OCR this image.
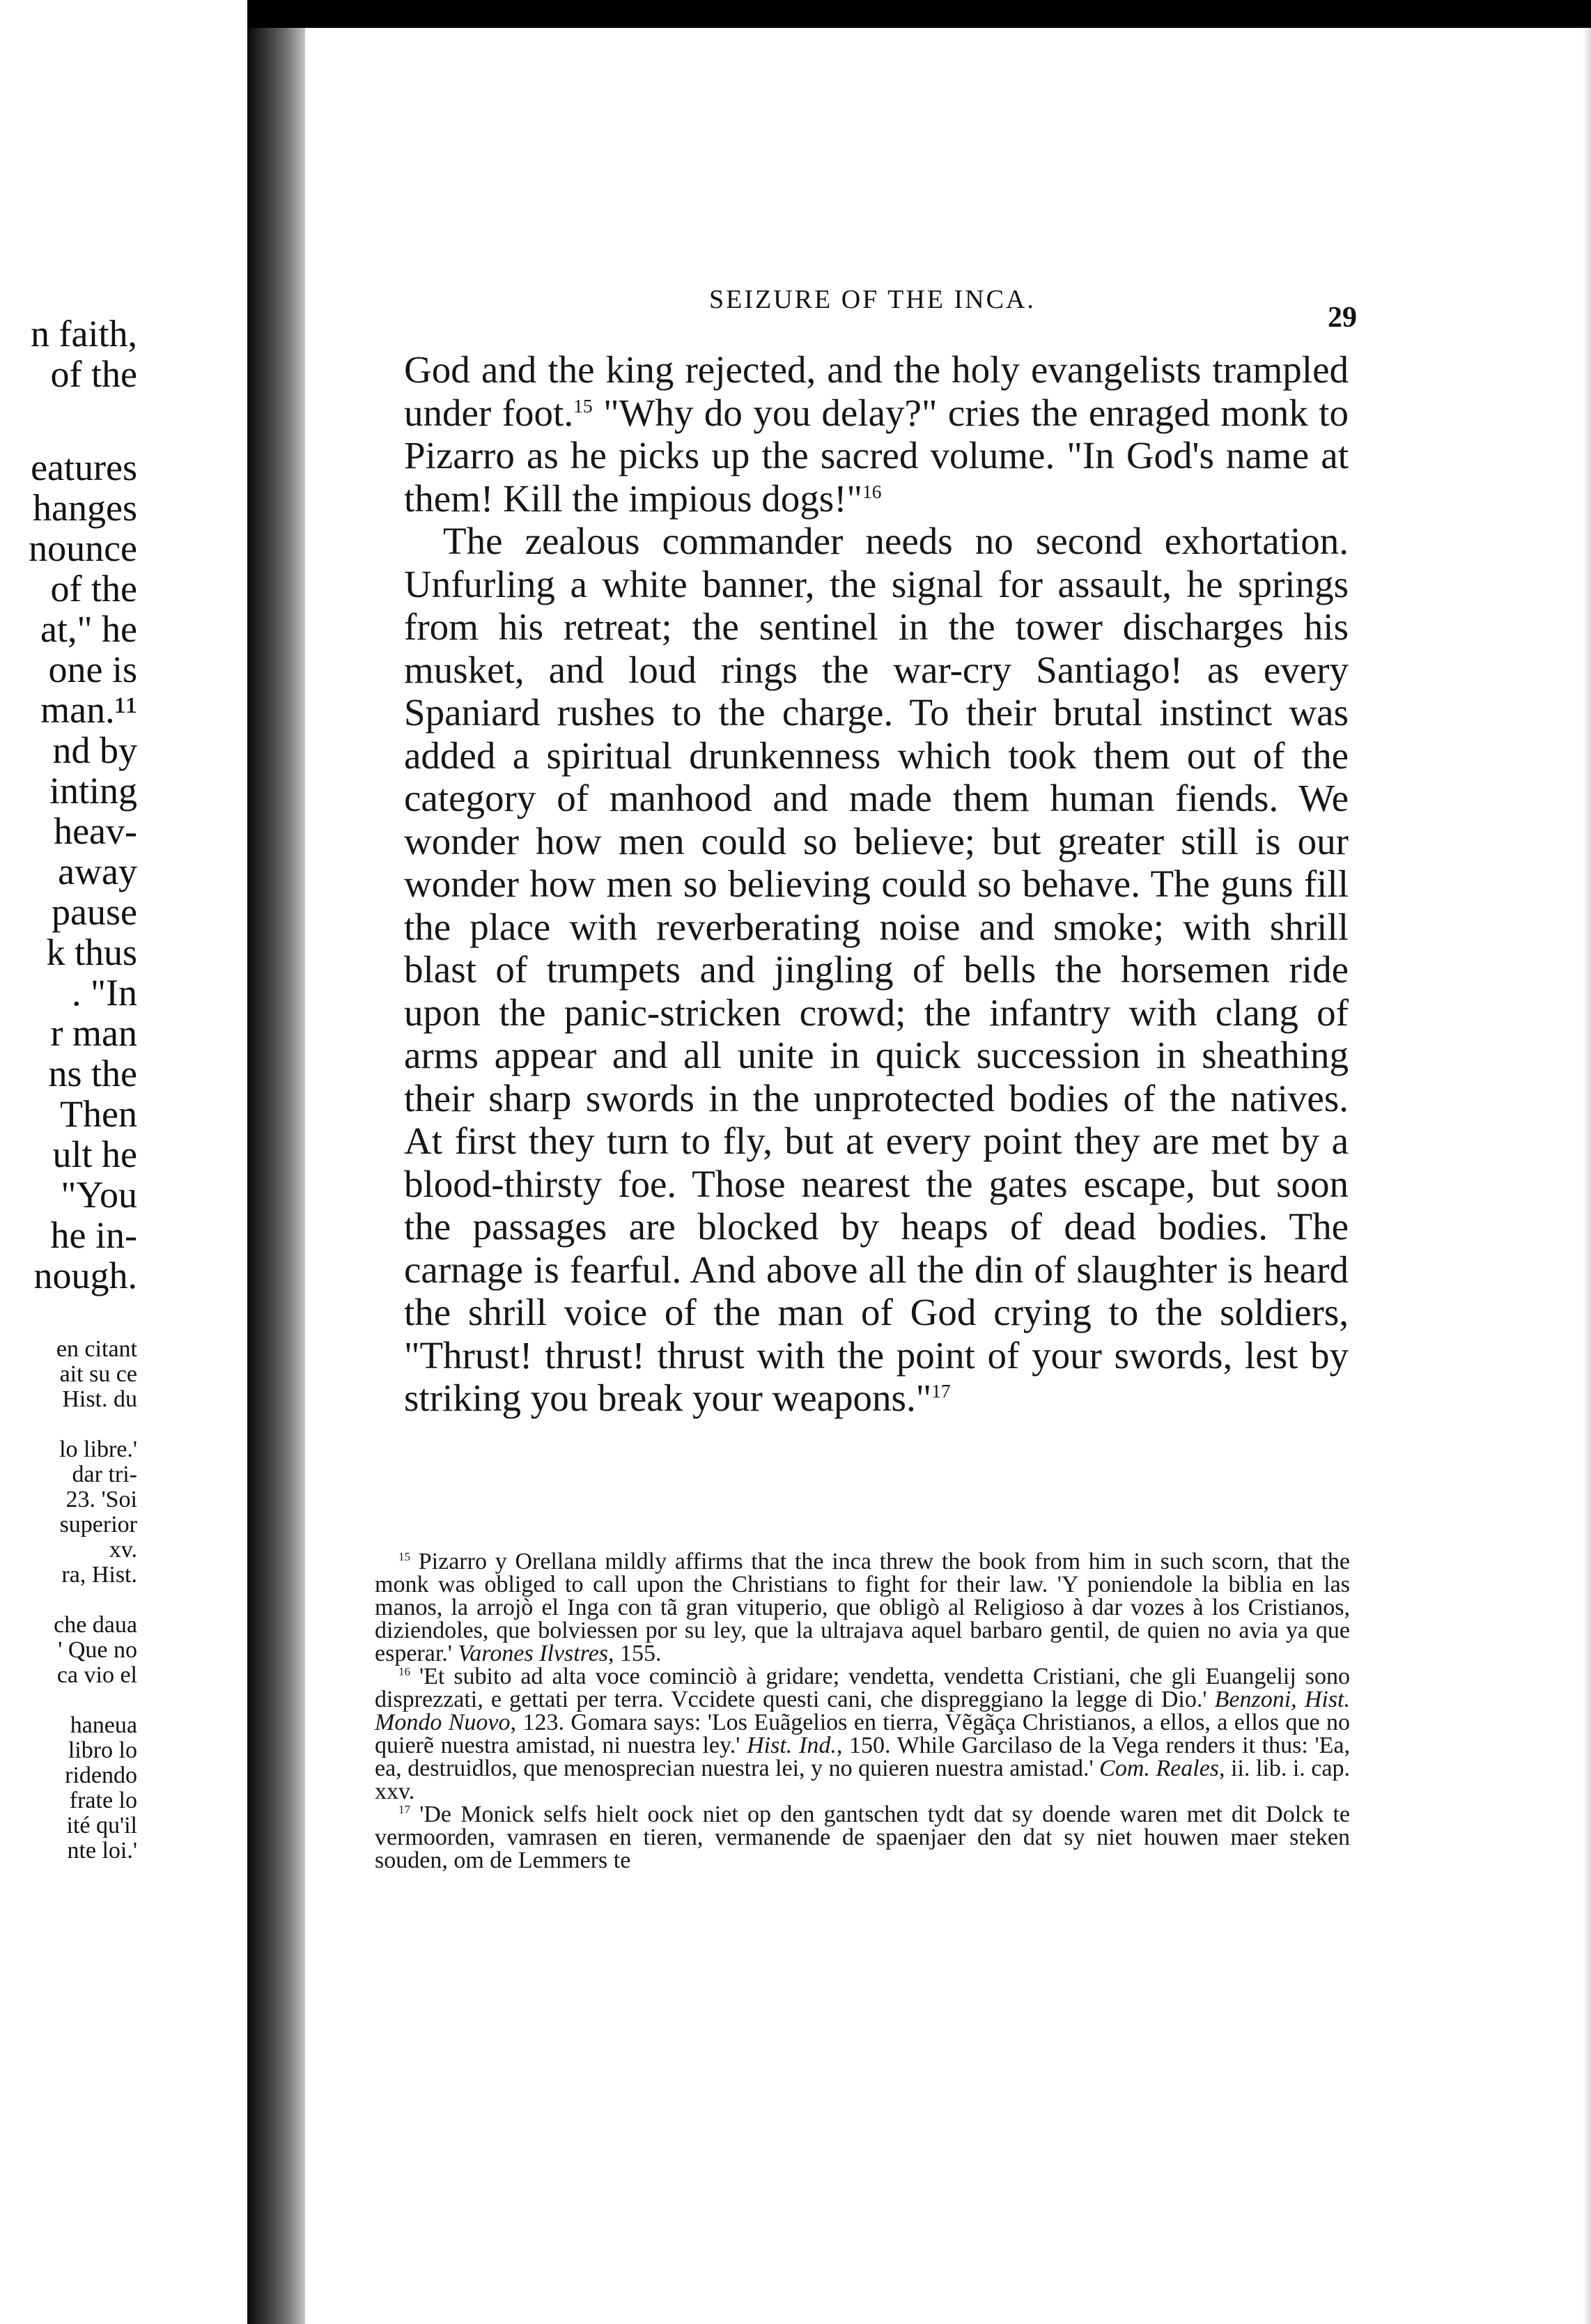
n faith,
of the
eatures
hanges
nounce
of the
at," he
one is
man.¹¹
nd by
inting
heav-
away
pause
k thus
. "In
r man
ns the
Then
ult he
"You
he in-
nough.
en citant
ait su ce
Hist. du
lo libre.'
dar tri-
23. 'Soi
superior
xv.
ra, Hist.
che daua
' Que no
ca vio el
haneua
libro lo
ridendo
frate lo
ité qu'il
nte loi.'
SEIZURE OF THE INCA.
29

God and the king rejected, and the holy evangelists trampled under foot.$^{15}$ "Why do you delay?" cries the enraged monk to Pizarro as he picks up the sacred volume. "In God's name at them! Kill the impious dogs!"$^{16}$

The zealous commander needs no second exhortation. Unfurling a white banner, the signal for assault, he springs from his retreat; the sentinel in the tower discharges his musket, and loud rings the war-cry Santiago! as every Spaniard rushes to the charge. To their brutal instinct was added a spiritual drunkenness which took them out of the category of manhood and made them human fiends. We wonder how men could so believe; but greater still is our wonder how men so believing could so behave. The guns fill the place with reverberating noise and smoke; with shrill blast of trumpets and jingling of bells the horsemen ride upon the panic-stricken crowd; the infantry with clang of arms appear and all unite in quick succession in sheathing their sharp swords in the unprotected bodies of the natives. At first they turn to fly, but at every point they are met by a blood-thirsty foe. Those nearest the gates escape, but soon the passages are blocked by heaps of dead bodies. The carnage is fearful. And above all the din of slaughter is heard the shrill voice of the man of God crying to the soldiers, "Thrust! thrust! thrust with the point of your swords, lest by striking you break your weapons."$^{17}$

$^{15}$ Pizarro y Orellana mildly affirms that the inca threw the book from him in such scorn, that the monk was obliged to call upon the Christians to fight for their law. 'Y poniendole la biblia en las manos, la arrojò el Inga con tã gran vituperio, que obligò al Religioso à dar vozes à los Cristianos, diziendoles, que bolviessen por su ley, que la ultrajava aquel barbaro gentil, de quien no avia ya que esperar.' Varones Ilvstres, 155.

$^{16}$ 'Et subito ad alta voce cominciò à gridare; vendetta, vendetta Cristiani, che gli Euangelij sono disprezzati, e gettati per terra. Vccidete questi cani, che dispreggiano la legge di Dio.' Benzoni, Hist. Mondo Nuovo, 123. Gomara says: 'Los Euãgelios en tierra, Vẽgãça Christianos, a ellos, a ellos que no quierẽ nuestra amistad, ni nuestra ley.' Hist. Ind., 150. While Garcilaso de la Vega renders it thus: 'Ea, ea, destruidlos, que menosprecian nuestra lei, y no quieren nuestra amistad.' Com. Reales, ii. lib. i. cap. xxv.

$^{17}$ 'De Monick selfs hielt oock niet op den gantschen tydt dat sy doende waren met dit Dolck te vermoorden, vamrasen en tieren, vermanende de spaenjaer den dat sy niet houwen maer steken souden, om de Lemmers te
